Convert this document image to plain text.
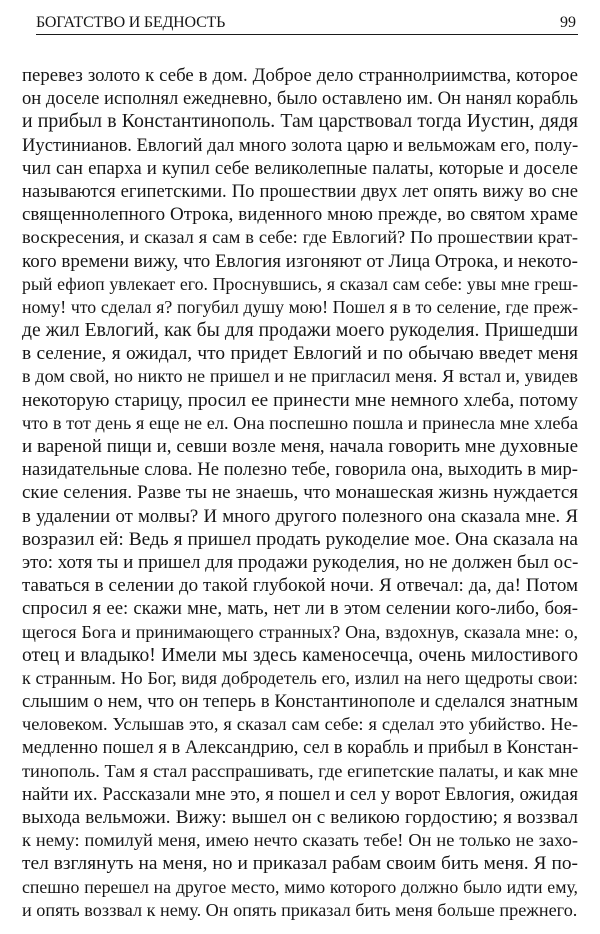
БОГАТСТВО И БЕДНОСТЬ	99
перевез золото к себе в дом. Доброе дело страннолриимства, которое
он доселе исполнял ежедневно, было оставлено им. Он нанял корабль
и прибыл в Константинополь. Там царствовал тогда Иустин, дядя
Иустинианов. Евлогий дал много золота царю и вельможам его, полу-
чил сан епарха и купил себе великолепные палаты, которые и доселе
называются египетскими. По прошествии двух лет опять вижу во сне
священнолепного Отрока, виденного мною прежде, во святом храме
воскресения, и сказал я сам в себе: где Евлогий? По прошествии крат-
кого времени вижу, что Евлогия изгоняют от Лица Отрока, и некото-
рый ефиоп увлекает его. Проснувшись, я сказал сам себе: увы мне греш-
ному! что сделал я? погубил душу мою! Пошел я в то селение, где преж-
де жил Евлогий, как бы для продажи моего рукоделия. Пришедши
в селение, я ожидал, что придет Евлогий и по обычаю введет меня
в дом свой, но никто не пришел и не пригласил меня. Я встал и, увидев
некоторую старицу, просил ее принести мне немного хлеба, потому
что в тот день я еще не ел. Она поспешно пошла и принесла мне хлеба
и вареной пищи и, севши возле меня, начала говорить мне духовные
назидательные слова. Не полезно тебе, говорила она, выходить в мир-
ские селения. Разве ты не знаешь, что монашеская жизнь нуждается
в удалении от молвы? И много другого полезного она сказала мне. Я
возразил ей: Ведь я пришел продать рукоделие мое. Она сказала на
это: хотя ты и пришел для продажи рукоделия, но не должен был ос-
таваться в селении до такой глубокой ночи. Я отвечал: да, да! Потом
спросил я ее: скажи мне, мать, нет ли в этом селении кого-либо, боя-
щегося Бога и принимающего странных? Она, вздохнув, сказала мне: о,
отец и владыко! Имели мы здесь каменосечца, очень милостивого
к странным. Но Бог, видя добродетель его, излил на него щедроты свои:
слышим о нем, что он теперь в Константинополе и сделался знатным
человеком. Услышав это, я сказал сам себе: я сделал это убийство. Не-
медленно пошел я в Александрию, сел в корабль и прибыл в Констан-
тинополь. Там я стал расспрашивать, где египетские палаты, и как мне
найти их. Рассказали мне это, я пошел и сел у ворот Евлогия, ожидая
выхода вельможи. Вижу: вышел он с великою гордостию; я воззвал
к нему: помилуй меня, имею нечто сказать тебе! Он не только не захо-
тел взглянуть на меня, но и приказал рабам своим бить меня. Я по-
спешно перешел на другое место, мимо которого должно было идти ему,
и опять воззвал к нему. Он опять приказал бить меня больше прежнего.
